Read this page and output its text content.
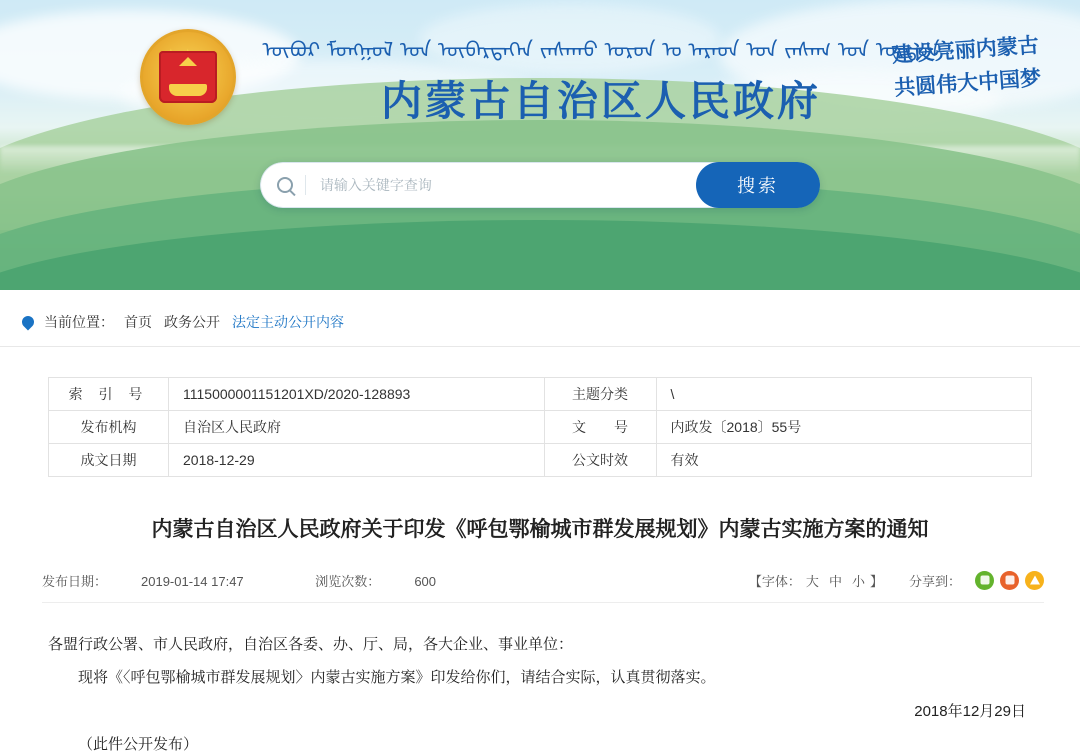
ᠥᠪᠥᠷ ᠮᠣᠩᠭᠤᠯ ᠤᠨ ᠥᠪᠡᠷᠲᠡᠭᠡᠨ ᠵᠠᠰᠠᠬᠤ ᠣᠷᠣᠨ ᠤ ᠠᠷᠠᠳ ᠤᠨ ᠵᠠᠰᠠᠭ ᠤᠨ ᠣᠷᠳᠣᠨ
内蒙古自治区人民政府
建设亮丽内蒙古
共圆伟大中国梦
请输入关键字查询
搜索
当前位置： 首页 政务公开 法定主动公开内容
索 引 号	1115000001151201XD/2020-128893	主题分类	\
发布机构	自治区人民政府	文　　号	内政发〔2018〕55号
成文日期	2018-12-29	公文时效	有效
内蒙古自治区人民政府关于印发《呼包鄂榆城市群发展规划》内蒙古实施方案的通知
发布日期：	2019-01-14 17:47	浏览次数：	600	【字体： 大 中 小 】 分享到：

各盟行政公署、市人民政府，自治区各委、办、厅、局，各大企业、事业单位：

现将《〈呼包鄂榆城市群发展规划〉内蒙古实施方案》印发给你们，请结合实际，认真贯彻落实。

2018年12月29日

（此件公开发布）
